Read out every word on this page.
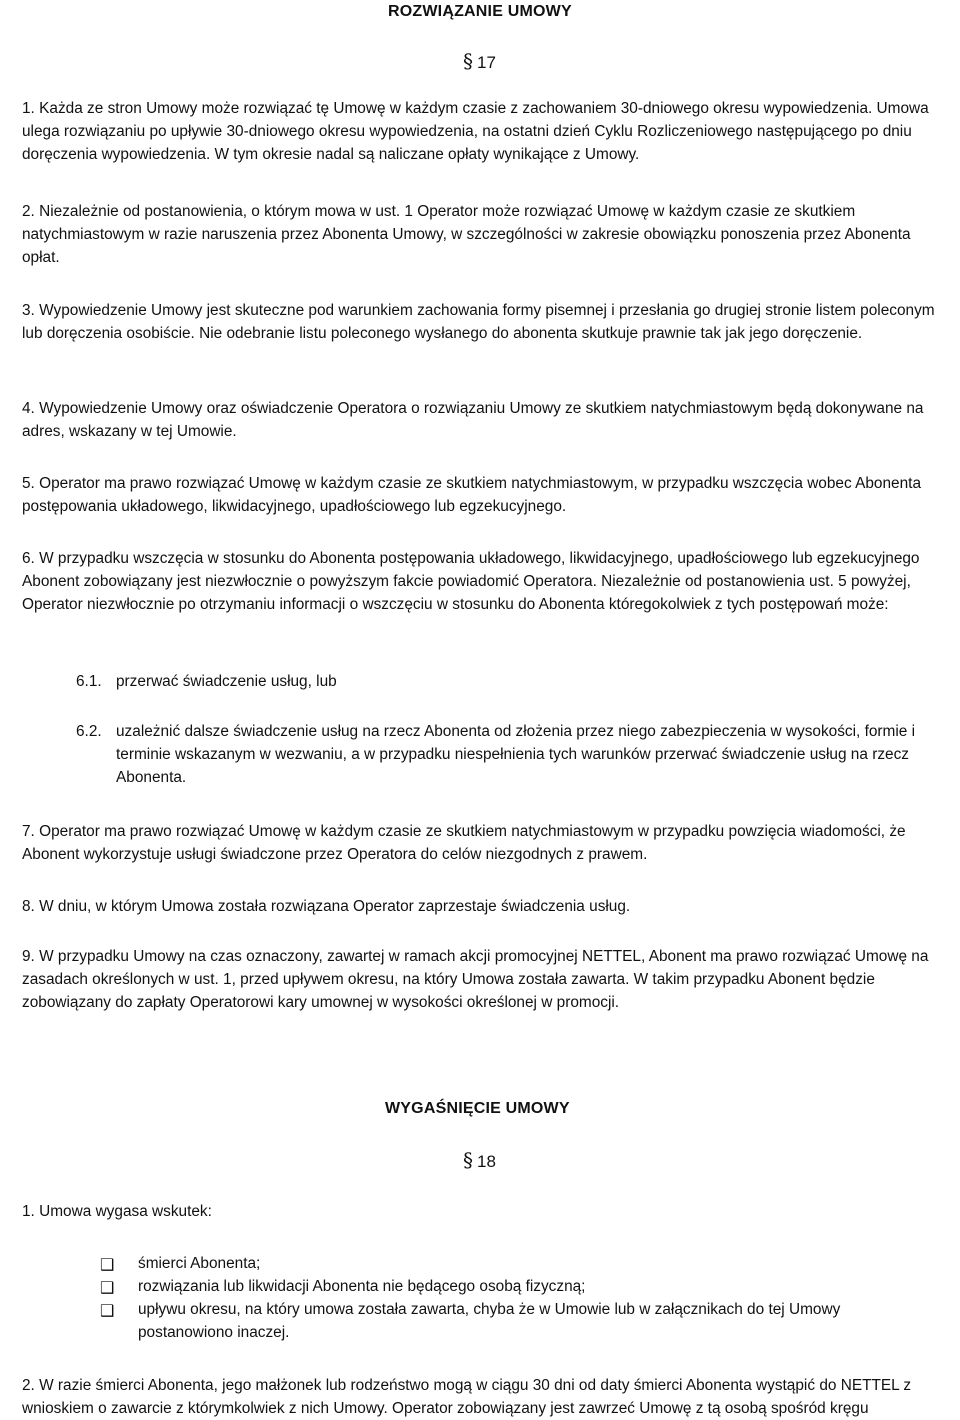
ROZWIĄZANIE UMOWY
§ 17
1. Każda ze stron Umowy może rozwiązać tę Umowę w każdym czasie z zachowaniem 30-dniowego okresu wypowiedzenia. Umowa ulega rozwiązaniu po upływie 30-dniowego okresu wypowiedzenia, na ostatni dzień Cyklu Rozliczeniowego następującego po dniu doręczenia wypowiedzenia. W tym okresie nadal są naliczane opłaty wynikające z Umowy.
2. Niezależnie od postanowienia, o którym mowa w ust. 1 Operator może rozwiązać Umowę w każdym czasie ze skutkiem natychmiastowym w razie naruszenia przez Abonenta Umowy, w szczególności w zakresie obowiązku ponoszenia przez Abonenta opłat.
3. Wypowiedzenie Umowy jest skuteczne pod warunkiem zachowania formy pisemnej i przesłania go drugiej stronie listem poleconym lub doręczenia osobiście. Nie odebranie listu poleconego wysłanego do abonenta skutkuje prawnie tak jak jego doręczenie.
4. Wypowiedzenie Umowy oraz oświadczenie Operatora o rozwiązaniu Umowy ze skutkiem natychmiastowym będą dokonywane na adres, wskazany w tej Umowie.
5. Operator ma prawo rozwiązać Umowę w każdym czasie ze skutkiem natychmiastowym, w przypadku wszczęcia wobec Abonenta postępowania układowego, likwidacyjnego, upadłościowego lub egzekucyjnego.
6. W przypadku wszczęcia w stosunku do Abonenta postępowania układowego, likwidacyjnego, upadłościowego lub egzekucyjnego Abonent zobowiązany jest niezwłocznie o powyższym fakcie powiadomić Operatora. Niezależnie od postanowienia ust. 5 powyżej, Operator niezwłocznie po otrzymaniu informacji o wszczęciu w stosunku do Abonenta któregokolwiek z tych postępowań może:
6.1. przerwać świadczenie usług, lub
6.2. uzależnić dalsze świadczenie usług na rzecz Abonenta od złożenia przez niego zabezpieczenia w wysokości, formie i terminie wskazanym w wezwaniu, a w przypadku niespełnienia tych warunków przerwać świadczenie usług na rzecz Abonenta.
7. Operator ma prawo rozwiązać Umowę w każdym czasie ze skutkiem natychmiastowym w przypadku powzięcia wiadomości, że Abonent wykorzystuje usługi świadczone przez Operatora do celów niezgodnych z prawem.
8. W dniu, w którym Umowa została rozwiązana Operator zaprzestaje świadczenia usług.
9. W przypadku Umowy na czas oznaczony, zawartej w ramach akcji promocyjnej NETTEL, Abonent ma prawo rozwiązać Umowę na zasadach określonych w ust. 1, przed upływem okresu, na który Umowa została zawarta. W takim przypadku Abonent będzie zobowiązany do zapłaty Operatorowi kary umownej w wysokości określonej w promocji.
WYGAŚNIĘCIE UMOWY
§ 18
1. Umowa wygasa wskutek:
❑ śmierci Abonenta;
❑ rozwiązania lub likwidacji Abonenta nie będącego osobą fizyczną;
❑ upływu okresu, na który umowa została zawarta, chyba że w Umowie lub w załącznikach do tej Umowy postanowiono inaczej.
2. W razie śmierci Abonenta, jego małżonek lub rodzeństwo mogą w ciągu 30 dni od daty śmierci Abonenta wystąpić do NETTEL z wnioskiem o zawarcie z którymkolwiek z nich Umowy. Operator zobowiązany jest zawrzeć Umowę z tą osobą spośród kręgu
